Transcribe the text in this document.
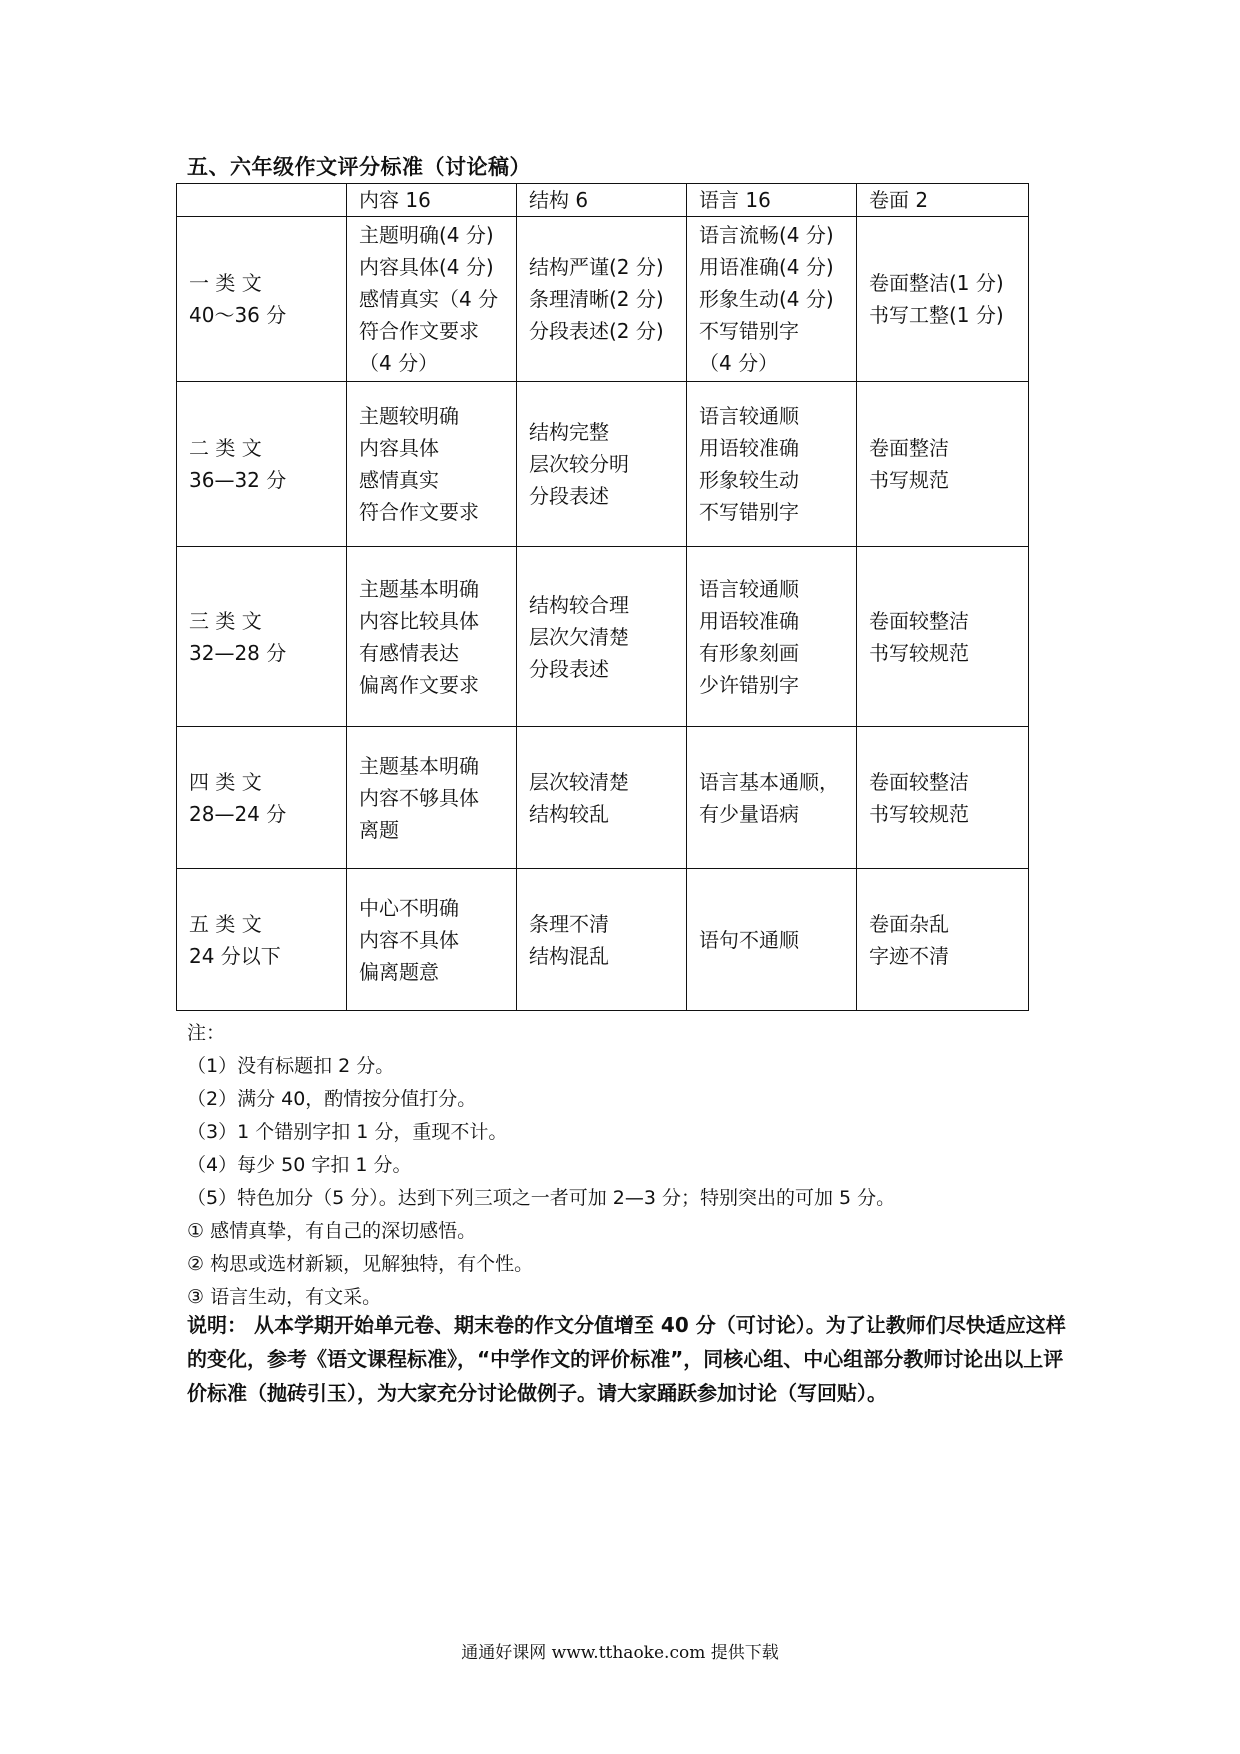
五、六年级作文评分标准（讨论稿）
	内容 16	结构 6	语言 16	卷面 2

一 类 文
40～36 分	主题明确(4 分)
内容具体(4 分)
感情真实（4 分
符合作文要求
（4 分）	结构严谨(2 分)
条理清晰(2 分)
分段表述(2 分)	语言流畅(4 分)
用语准确(4 分)
形象生动(4 分)
不写错别字
（4 分）	卷面整洁(1 分)
书写工整(1 分)

二 类 文
36—32 分	主题较明确
内容具体
感情真实
符合作文要求	结构完整
层次较分明
分段表述	语言较通顺
用语较准确
形象较生动
不写错别字	卷面整洁
书写规范

三 类 文
32—28 分	主题基本明确
内容比较具体
有感情表达
偏离作文要求	结构较合理
层次欠清楚
分段表述	语言较通顺
用语较准确
有形象刻画
少许错别字	卷面较整洁
书写较规范

四 类 文
28—24 分	主题基本明确
内容不够具体
离题	层次较清楚
结构较乱	语言基本通顺，
有少量语病	卷面较整洁
书写较规范

五 类 文
24 分以下	中心不明确
内容不具体
偏离题意	条理不清
结构混乱	语句不通顺	卷面杂乱
字迹不清
注：
（1）没有标题扣 2 分。
（2）满分 40，酌情按分值打分。
（3）1 个错别字扣 1 分，重现不计。
（4）每少 50 字扣 1 分。
（5）特色加分（5 分）。达到下列三项之一者可加 2—3 分；特别突出的可加 5 分。
① 感情真挚，有自己的深切感悟。
② 构思或选材新颖，见解独特，有个性。
③ 语言生动，有文采。
说明： 从本学期开始单元卷、期末卷的作文分值增至 40 分（可讨论）。为了让教师们尽快适应这样的变化，参考《语文课程标准》，“中学作文的评价标准”，同核心组、中心组部分教师讨论出以上评价标准（抛砖引玉），为大家充分讨论做例子。请大家踊跃参加讨论（写回贴）。
通通好课网 www.tthaoke.com 提供下载
